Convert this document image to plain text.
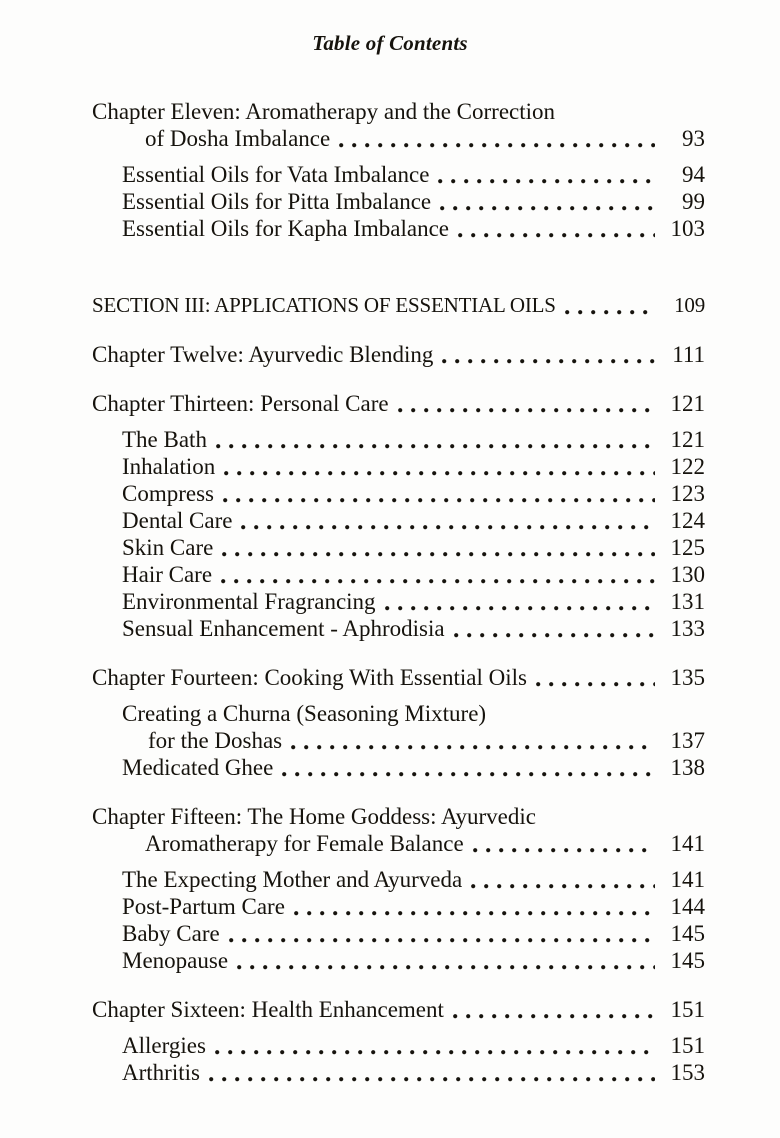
Table of Contents
Chapter Eleven: Aromatherapy and the Correction
of Dosha Imbalance	93
Essential Oils for Vata Imbalance	94
Essential Oils for Pitta Imbalance	99
Essential Oils for Kapha Imbalance	103
SECTION III: APPLICATIONS OF ESSENTIAL OILS	109
Chapter Twelve: Ayurvedic Blending	111
Chapter Thirteen: Personal Care	121
The Bath	121
Inhalation	122
Compress	123
Dental Care	124
Skin Care	125
Hair Care	130
Environmental Fragrancing	131
Sensual Enhancement - Aphrodisia	133
Chapter Fourteen: Cooking With Essential Oils	135
Creating a Churna (Seasoning Mixture)
for the Doshas	137
Medicated Ghee	138
Chapter Fifteen: The Home Goddess: Ayurvedic
Aromatherapy for Female Balance	141
The Expecting Mother and Ayurveda	141
Post-Partum Care	144
Baby Care	145
Menopause	145
Chapter Sixteen: Health Enhancement	151
Allergies	151
Arthritis	153
